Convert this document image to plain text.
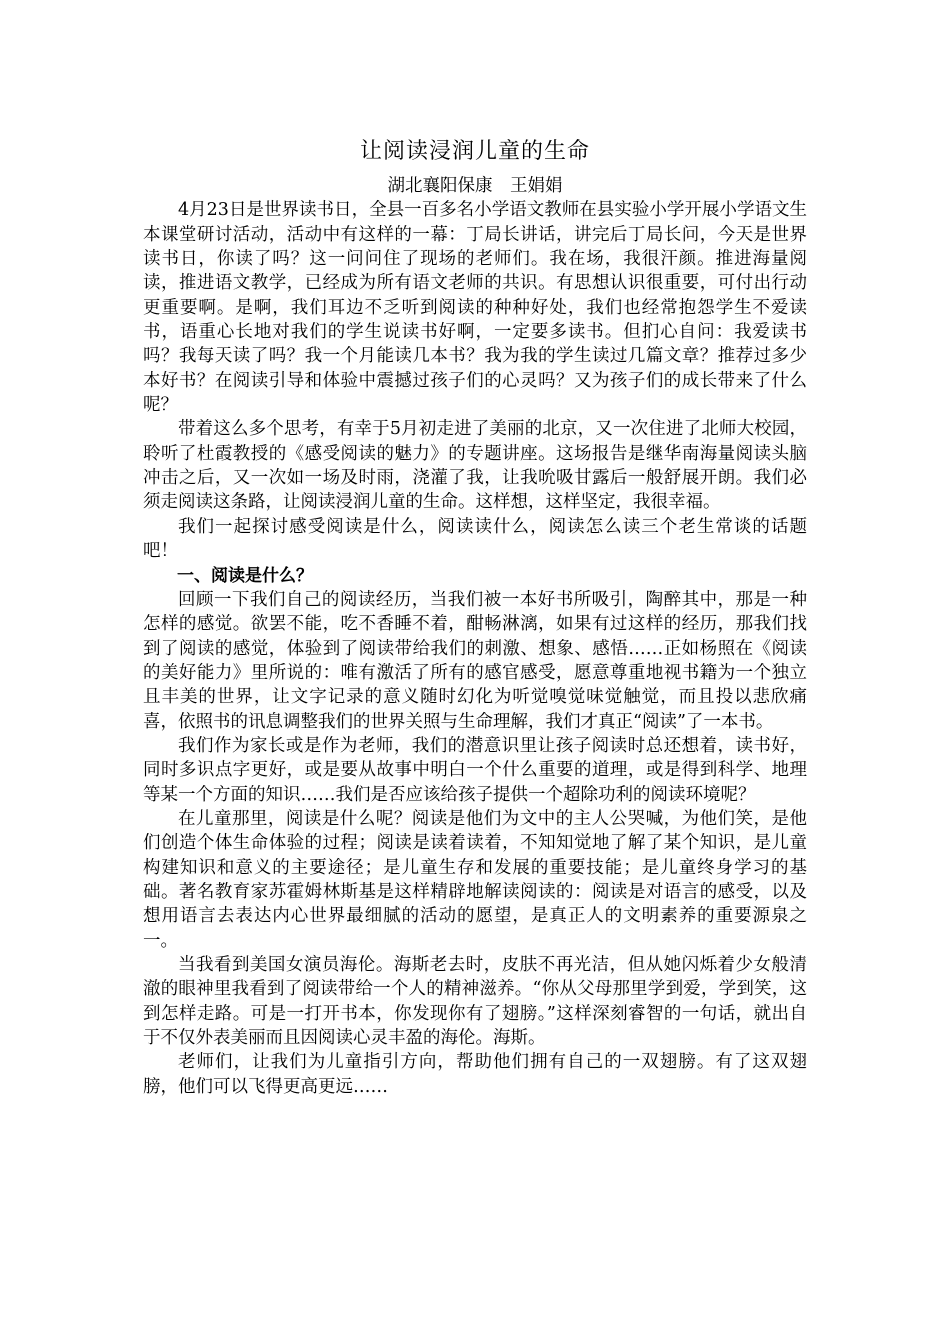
让阅读浸润儿童的生命
湖北襄阳保康　王娟娟

4月23日是世界读书日，全县一百多名小学语文教师在县实验小学开展小学语文生本课堂研讨活动，活动中有这样的一幕：丁局长讲话，讲完后丁局长问，今天是世界读书日，你读了吗？这一问问住了现场的老师们。我在场，我很汗颜。推进海量阅读，推进语文教学，已经成为所有语文老师的共识。有思想认识很重要，可付出行动更重要啊。是啊，我们耳边不乏听到阅读的种种好处，我们也经常抱怨学生不爱读书，语重心长地对我们的学生说读书好啊，一定要多读书。但扪心自问：我爱读书吗？我每天读了吗？我一个月能读几本书？我为我的学生读过几篇文章？推荐过多少本好书？在阅读引导和体验中震撼过孩子们的心灵吗？又为孩子们的成长带来了什么呢？

带着这么多个思考，有幸于5月初走进了美丽的北京，又一次住进了北师大校园，聆听了杜霞教授的《感受阅读的魅力》的专题讲座。这场报告是继华南海量阅读头脑冲击之后，又一次如一场及时雨，浇灌了我，让我吮吸甘露后一般舒展开朗。我们必须走阅读这条路，让阅读浸润儿童的生命。这样想，这样坚定，我很幸福。

我们一起探讨感受阅读是什么，阅读读什么，阅读怎么读三个老生常谈的话题吧！

一、阅读是什么？

回顾一下我们自己的阅读经历，当我们被一本好书所吸引，陶醉其中，那是一种怎样的感觉。欲罢不能，吃不香睡不着，酣畅淋漓，如果有过这样的经历，那我们找到了阅读的感觉，体验到了阅读带给我们的刺激、想象、感悟……正如杨照在《阅读的美好能力》里所说的：唯有激活了所有的感官感受，愿意尊重地视书籍为一个独立且丰美的世界，让文字记录的意义随时幻化为听觉嗅觉味觉触觉，而且投以悲欣痛喜，依照书的讯息调整我们的世界关照与生命理解，我们才真正“阅读”了一本书。

我们作为家长或是作为老师，我们的潜意识里让孩子阅读时总还想着，读书好，同时多识点字更好，或是要从故事中明白一个什么重要的道理，或是得到科学、地理等某一个方面的知识……我们是否应该给孩子提供一个超除功利的阅读环境呢？

在儿童那里，阅读是什么呢？阅读是他们为文中的主人公哭喊，为他们笑，是他们创造个体生命体验的过程；阅读是读着读着，不知知觉地了解了某个知识，是儿童构建知识和意义的主要途径；是儿童生存和发展的重要技能；是儿童终身学习的基础。著名教育家苏霍姆林斯基是这样精辟地解读阅读的：阅读是对语言的感受，以及想用语言去表达内心世界最细腻的活动的愿望，是真正人的文明素养的重要源泉之一。

当我看到美国女演员海伦。海斯老去时，皮肤不再光洁，但从她闪烁着少女般清澈的眼神里我看到了阅读带给一个人的精神滋养。“你从父母那里学到爱，学到笑，这到怎样走路。可是一打开书本，你发现你有了翅膀。”这样深刻睿智的一句话，就出自于不仅外表美丽而且因阅读心灵丰盈的海伦。海斯。

老师们，让我们为儿童指引方向，帮助他们拥有自己的一双翅膀。有了这双翅膀，他们可以飞得更高更远……
